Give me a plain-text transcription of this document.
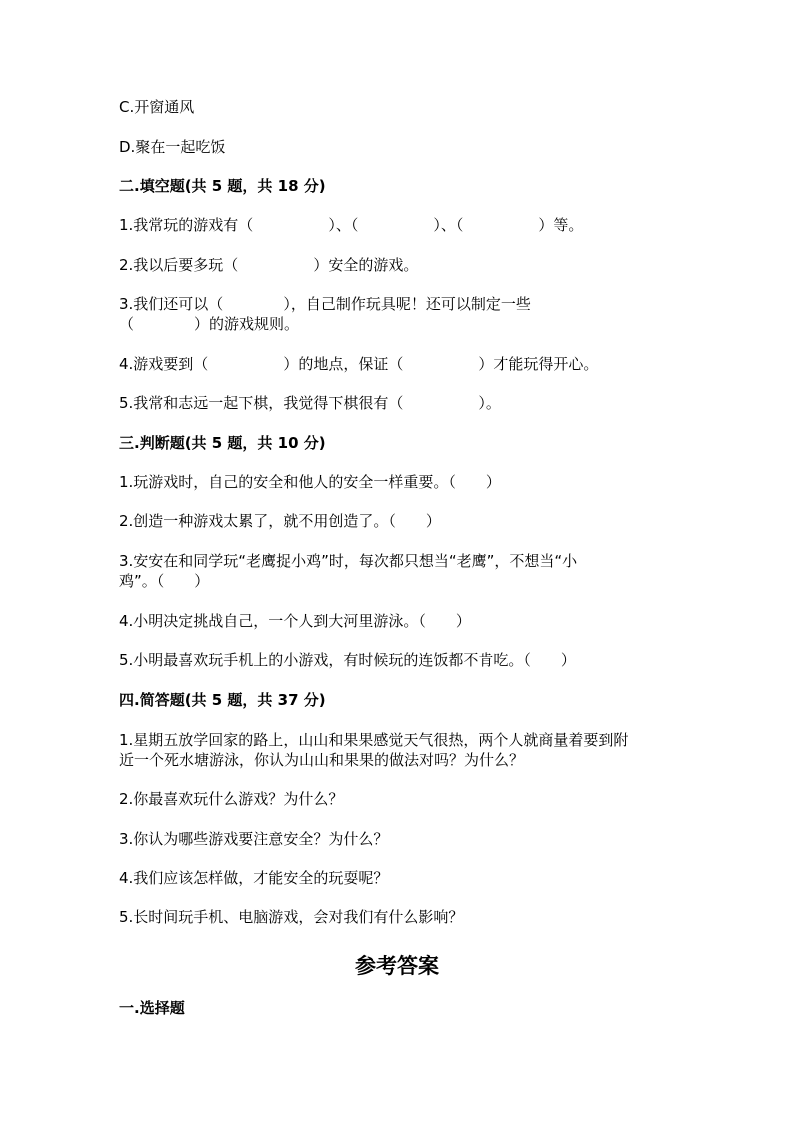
C.开窗通风
D.聚在一起吃饭
二.填空题(共 5 题，共 18 分)
1.我常玩的游戏有（　　　　　）、（　　　　　）、（　　　　　）等。
2.我以后要多玩（　　　　　）安全的游戏。
3.我们还可以（　　　　），自己制作玩具呢！还可以制定一些
（　　　　）的游戏规则。
4.游戏要到（　　　　　）的地点，保证（　　　　　）才能玩得开心。
5.我常和志远一起下棋，我觉得下棋很有（　　　　　）。
三.判断题(共 5 题，共 10 分)
1.玩游戏时，自己的安全和他人的安全一样重要。（　　）
2.创造一种游戏太累了，就不用创造了。（　　）
3.安安在和同学玩“老鹰捉小鸡”时，每次都只想当“老鹰”，不想当“小
鸡”。（　　）
4.小明决定挑战自己，一个人到大河里游泳。（　　）
5.小明最喜欢玩手机上的小游戏，有时候玩的连饭都不肯吃。（　　）
四.简答题(共 5 题，共 37 分)
1.星期五放学回家的路上，山山和果果感觉天气很热，两个人就商量着要到附
近一个死水塘游泳，你认为山山和果果的做法对吗？为什么？
2.你最喜欢玩什么游戏？为什么？
3.你认为哪些游戏要注意安全？为什么？
4.我们应该怎样做，才能安全的玩耍呢？
5.长时间玩手机、电脑游戏，会对我们有什么影响？
参考答案
一.选择题
